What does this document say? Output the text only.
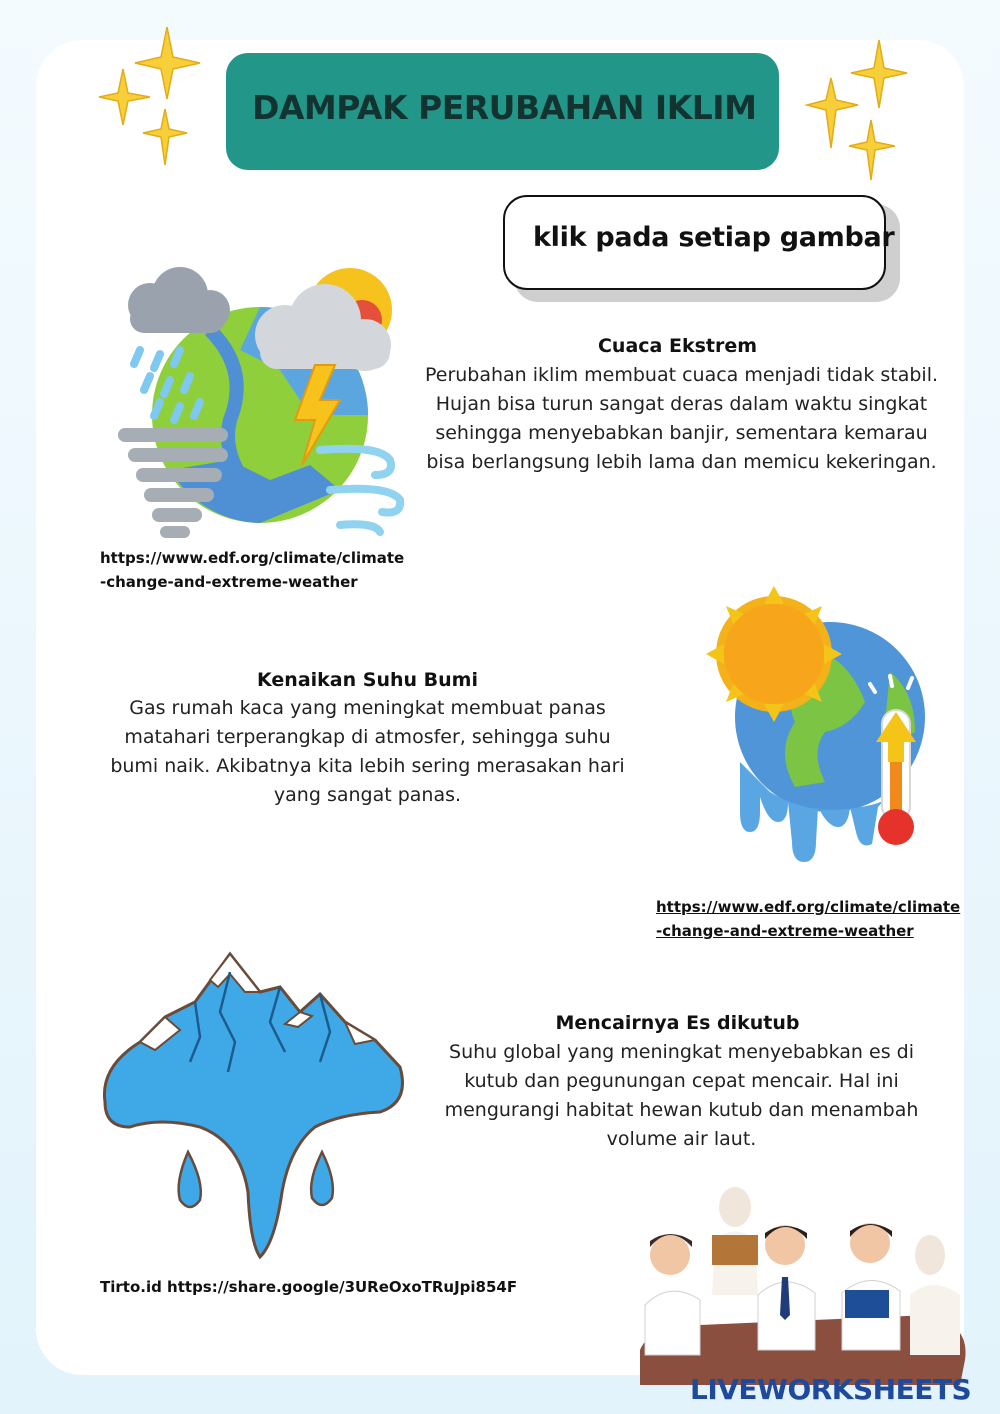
DAMPAK PERUBAHAN IKLIM
klik pada setiap gambar
Cuaca Ekstrem
Perubahan iklim membuat cuaca menjadi tidak stabil. Hujan bisa turun sangat deras dalam waktu singkat sehingga menyebabkan banjir, sementara kemarau bisa berlangsung lebih lama dan memicu kekeringan.
https://www.edf.org/climate/climate
-change-and-extreme-weather
Kenaikan Suhu Bumi
Gas rumah kaca yang meningkat membuat panas matahari terperangkap di atmosfer, sehingga suhu bumi naik. Akibatnya kita lebih sering merasakan hari yang sangat panas.
https://www.edf.org/climate/climate
-change-and-extreme-weather
Mencairnya Es dikutub
Suhu global yang meningkat menyebabkan es di kutub dan pegunungan cepat mencair. Hal ini mengurangi habitat hewan kutub dan menambah volume air laut.
Tirto.id https://share.google/3UReOxoTRuJpi854F
LIVEWORKSHEETS
